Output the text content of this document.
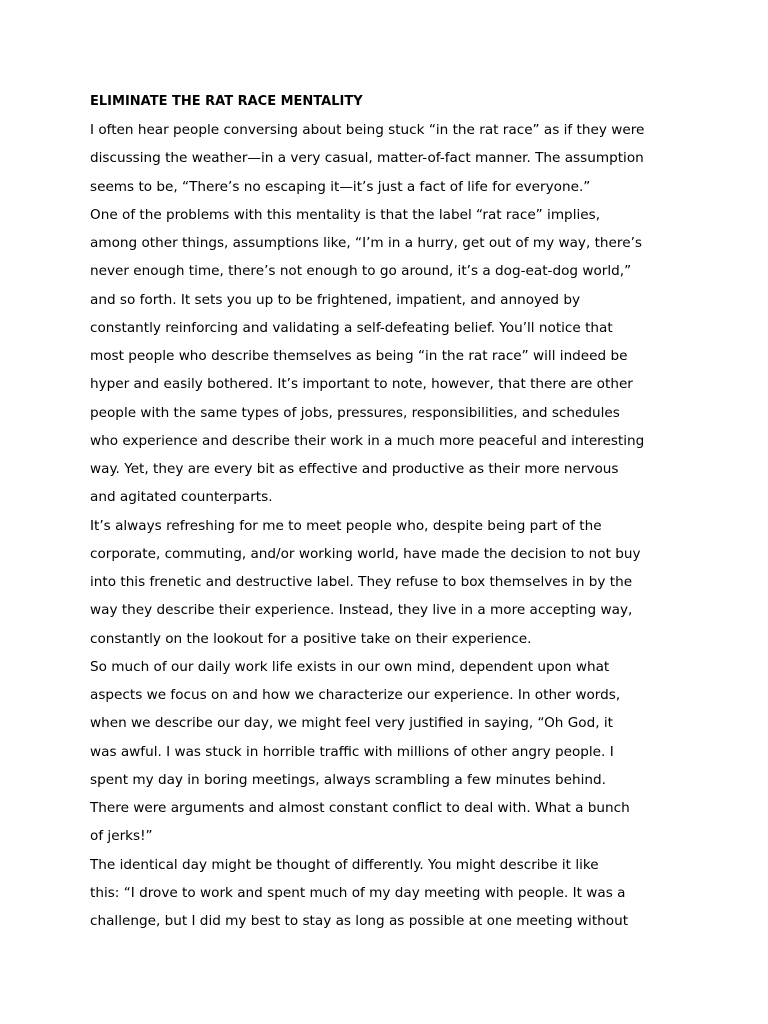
ELIMINATE THE RAT RACE MENTALITY
I often hear people conversing about being stuck “in the rat race” as if they were
discussing the weather—in a very casual, matter-of-fact manner. The assumption
seems to be, “There’s no escaping it—it’s just a fact of life for everyone.”
One of the problems with this mentality is that the label “rat race” implies,
among other things, assumptions like, “I’m in a hurry, get out of my way, there’s
never enough time, there’s not enough to go around, it’s a dog-eat-dog world,”
and so forth. It sets you up to be frightened, impatient, and annoyed by
constantly reinforcing and validating a self-defeating belief. You’ll notice that
most people who describe themselves as being “in the rat race” will indeed be
hyper and easily bothered. It’s important to note, however, that there are other
people with the same types of jobs, pressures, responsibilities, and schedules
who experience and describe their work in a much more peaceful and interesting
way. Yet, they are every bit as effective and productive as their more nervous
and agitated counterparts.
It’s always refreshing for me to meet people who, despite being part of the
corporate, commuting, and/or working world, have made the decision to not buy
into this frenetic and destructive label. They refuse to box themselves in by the
way they describe their experience. Instead, they live in a more accepting way,
constantly on the lookout for a positive take on their experience.
So much of our daily work life exists in our own mind, dependent upon what
aspects we focus on and how we characterize our experience. In other words,
when we describe our day, we might feel very justified in saying, “Oh God, it
was awful. I was stuck in horrible traffic with millions of other angry people. I
spent my day in boring meetings, always scrambling a few minutes behind.
There were arguments and almost constant conflict to deal with. What a bunch
of jerks!”
The identical day might be thought of differently. You might describe it like
this: “I drove to work and spent much of my day meeting with people. It was a
challenge, but I did my best to stay as long as possible at one meeting without
